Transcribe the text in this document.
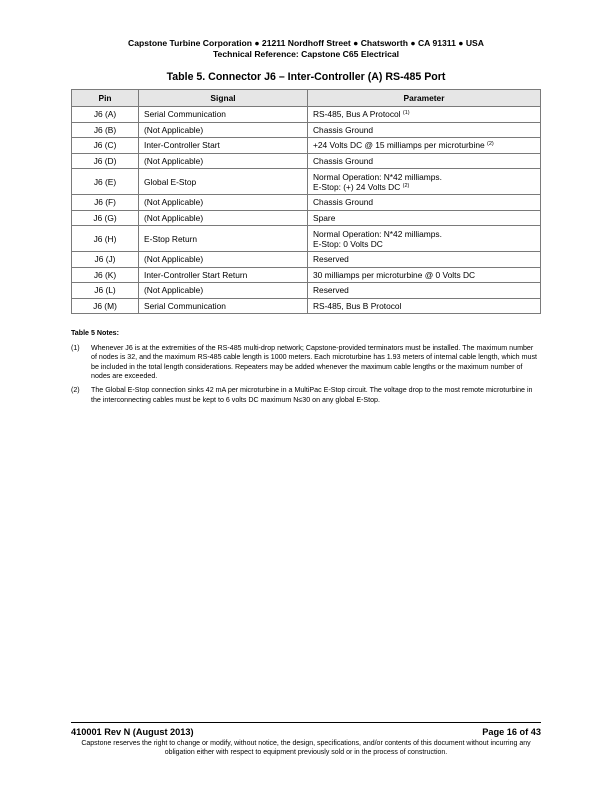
Capstone Turbine Corporation ● 21211 Nordhoff Street ● Chatsworth ● CA 91311 ● USA
Technical Reference: Capstone C65 Electrical
Table 5. Connector J6 – Inter-Controller (A) RS-485 Port
Pin	Signal	Parameter
J6 (A)	Serial Communication	RS-485, Bus A Protocol $^{(1)}$
J6 (B)	(Not Applicable)	Chassis Ground
J6 (C)	Inter-Controller Start	+24 Volts DC @ 15 milliamps per microturbine $^{(2)}$
J6 (D)	(Not Applicable)	Chassis Ground
J6 (E)	Global E-Stop	Normal Operation: N*42 milliamps.
E-Stop: (+) 24 Volts DC $^{(2)}$

J6 (F)	(Not Applicable)	Chassis Ground
J6 (G)	(Not Applicable)	Spare
J6 (H)	E-Stop Return	Normal Operation: N*42 milliamps.
E-Stop: 0 Volts DC

J6 (J)	(Not Applicable)	Reserved
J6 (K)	Inter-Controller Start Return	30 milliamps per microturbine @ 0 Volts DC
J6 (L)	(Not Applicable)	Reserved
J6 (M)	Serial Communication	RS-485, Bus B Protocol
Table 5 Notes:
(1)	Whenever J6 is at the extremities of the RS-485 multi-drop network; Capstone-provided terminators must be installed. The maximum number of nodes is 32, and the maximum RS-485 cable length is 1000 meters. Each microturbine has 1.93 meters of internal cable length, which must be included in the total length considerations. Repeaters may be added whenever the maximum cable lengths or the maximum number of nodes are exceeded.
(2)	The Global E-Stop connection sinks 42 mA per microturbine in a MultiPac E-Stop circuit. The voltage drop to the most remote microturbine in the interconnecting cables must be kept to 6 volts DC maximum N≤30 on any global E-Stop.
410001 Rev N (August 2013)	Page 16 of 43
Capstone reserves the right to change or modify, without notice, the design, specifications, and/or contents of this document without incurring any obligation either with respect to equipment previously sold or in the process of construction.
